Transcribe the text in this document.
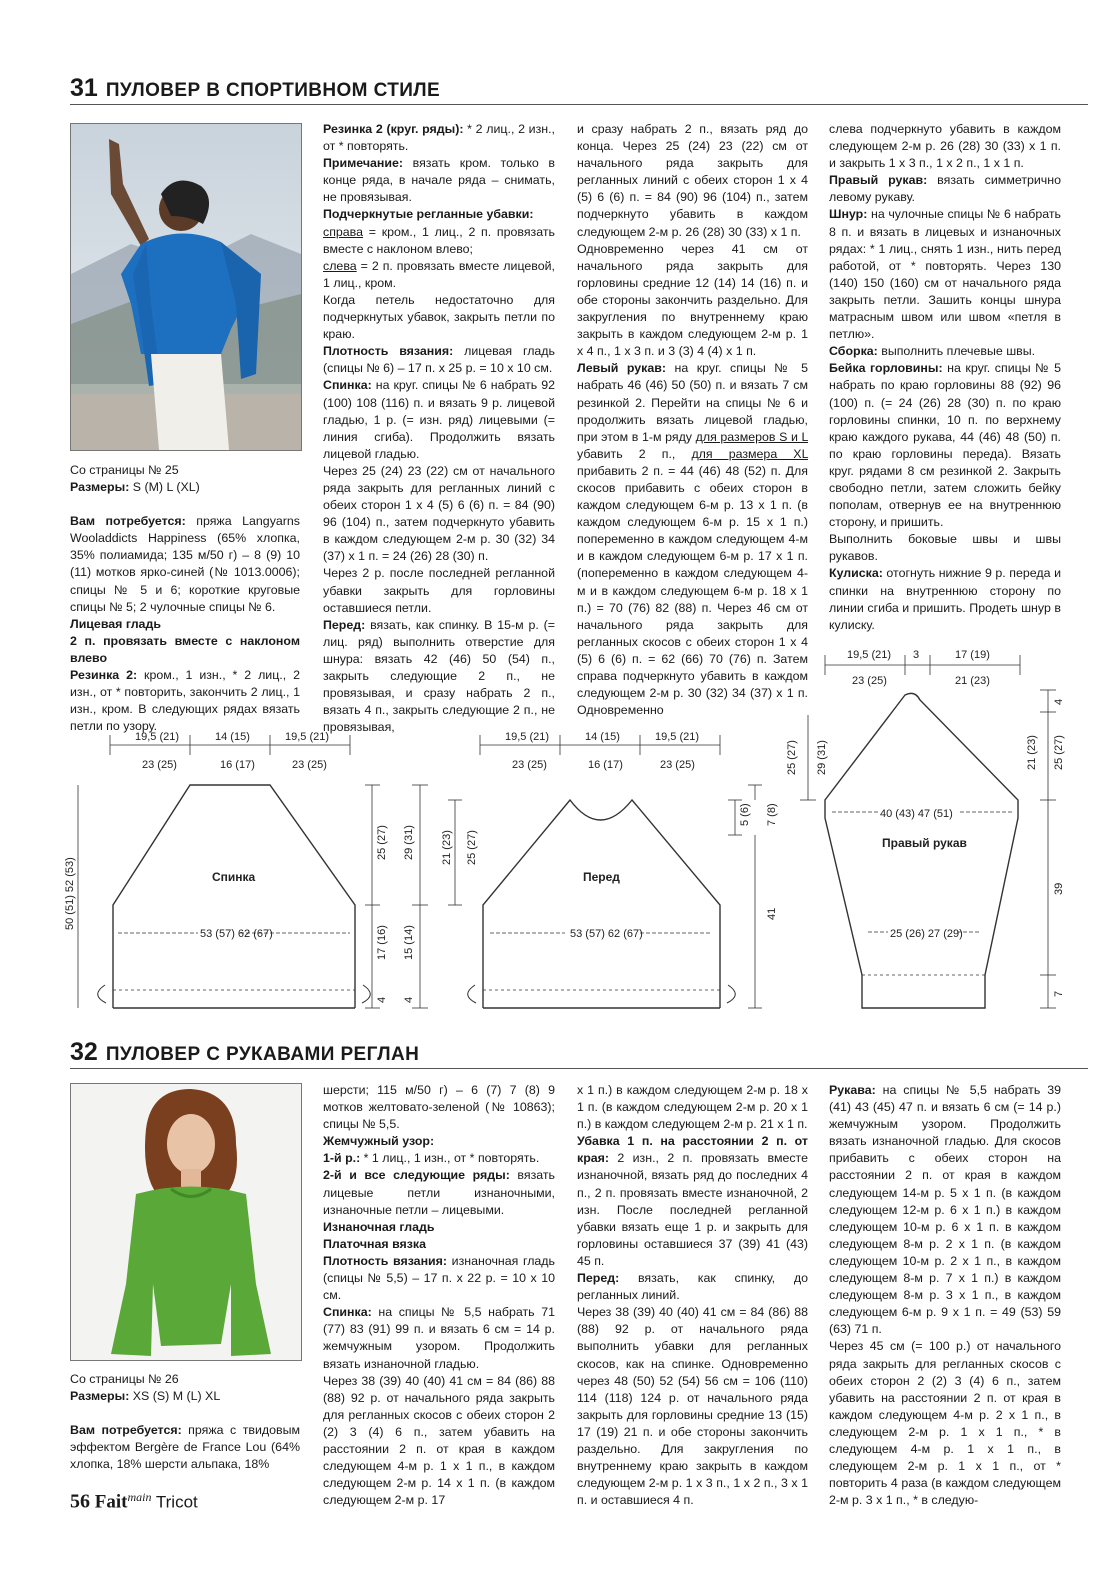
31 ПУЛОВЕР В СПОРТИВНОМ СТИЛЕ

Со страницы № 25

Размеры: S (M) L (XL)

Вам потребуется: пряжа Langyarns Wooladdicts Happiness (65% хлопка, 35% полиамида; 135 м/50 г) – 8 (9) 10 (11) мотков ярко-синей (№ 1013.0006); спицы № 5 и 6; короткие круговые спицы № 5; 2 чулочные спицы № 6.

Лицевая гладь

2 п. провязать вместе с наклоном влево

Резинка 2: кром., 1 изн., * 2 лиц., 2 изн., от * повторить, закончить 2 лиц., 1 изн., кром. В следующих рядах вязать петли по узору.

Резинка 2 (круг. ряды): * 2 лиц., 2 изн., от * повторять.

Примечание: вязать кром. только в конце ряда, в начале ряда – снимать, не провязывая.

Подчеркнутые регланные убавки:

справа = кром., 1 лиц., 2 п. провязать вместе с наклоном влево;

слева = 2 п. провязать вместе лицевой, 1 лиц., кром.

Когда петель недостаточно для подчеркнутых убавок, закрыть петли по краю.

Плотность вязания: лицевая гладь (спицы № 6) – 17 п. х 25 р. = 10 х 10 см.

Спинка: на круг. спицы № 6 набрать 92 (100) 108 (116) п. и вязать 9 р. лицевой гладью, 1 р. (= изн. ряд) лицевыми (= линия сгиба). Продолжить вязать лицевой гладью.

Через 25 (24) 23 (22) см от начального ряда закрыть для регланных линий с обеих сторон 1 х 4 (5) 6 (6) п. = 84 (90) 96 (104) п., затем подчеркнуто убавить в каждом следующем 2-м р. 30 (32) 34 (37) х 1 п. = 24 (26) 28 (30) п.

Через 2 р. после последней регланной убавки закрыть для горловины оставшиеся петли.

Перед: вязать, как спинку. В 15-м р. (= лиц. ряд) выполнить отверстие для шнура: вязать 42 (46) 50 (54) п., закрыть следующие 2 п., не провязывая, и сразу набрать 2 п., вязать 4 п., закрыть следующие 2 п., не провязывая,

и сразу набрать 2 п., вязать ряд до конца. Через 25 (24) 23 (22) см от начального ряда закрыть для регланных линий с обеих сторон 1 х 4 (5) 6 (6) п. = 84 (90) 96 (104) п., затем подчеркнуто убавить в каждом следующем 2-м р. 26 (28) 30 (33) х 1 п.

Одновременно через 41 см от начального ряда закрыть для горловины средние 12 (14) 14 (16) п. и обе стороны закончить раздельно. Для закругления по внутреннему краю закрыть в каждом следующем 2-м р. 1 х 4 п., 1 х 3 п. и 3 (3) 4 (4) х 1 п.

Левый рукав: на круг. спицы № 5 набрать 46 (46) 50 (50) п. и вязать 7 см резинкой 2. Перейти на спицы № 6 и продолжить вязать лицевой гладью, при этом в 1-м ряду для размеров S и L убавить 2 п., для размера XL прибавить 2 п. = 44 (46) 48 (52) п. Для скосов прибавить с обеих сторон в каждом следующем 6-м р. 13 х 1 п. (в каждом следующем 6-м р. 15 х 1 п.) попеременно в каждом следующем 4-м и в каждом следующем 6-м р. 17 х 1 п. (попеременно в каждом следующем 4-м и в каждом следующем 6-м р. 18 х 1 п.) = 70 (76) 82 (88) п. Через 46 см от начального ряда закрыть для регланных скосов с обеих сторон 1 х 4 (5) 6 (6) п. = 62 (66) 70 (76) п. Затем справа подчеркнуто убавить в каждом следующем 2-м р. 30 (32) 34 (37) х 1 п. Одновременно

слева подчеркнуто убавить в каждом следующем 2-м р. 26 (28) 30 (33) х 1 п. и закрыть 1 х 3 п., 1 х 2 п., 1 х 1 п.

Правый рукав: вязать симметрично левому рукаву.

Шнур: на чулочные спицы № 6 набрать 8 п. и вязать в лицевых и изнаночных рядах: * 1 лиц., снять 1 изн., нить перед работой, от * повторять. Через 130 (140) 150 (160) см от начального ряда закрыть петли. Зашить концы шнура матрасным швом или швом «петля в петлю».

Сборка: выполнить плечевые швы.

Бейка горловины: на круг. спицы № 5 набрать по краю горловины 88 (92) 96 (100) п. (= 24 (26) 28 (30) п. по краю горловины спинки, 10 п. по верхнему краю каждого рукава, 44 (46) 48 (50) п. по краю горловины переда). Вязать круг. рядами 8 см резинкой 2. Закрыть свободно петли, затем сложить бейку пополам, отвернув ее на внутреннюю сторону, и пришить.

Выполнить боковые швы и швы рукавов.

Кулиска: отогнуть нижние 9 р. переда и спинки на внутреннюю сторону по линии сгиба и пришить. Продеть шнур в кулиску.

19,5 (21)	14 (15)	19,5 (21)
23 (25)	16 (17)	23 (25)
Спинка
53 (57) 62 (67)
50 (51) 52 (53)
25 (27) 29 (31)
17 (16) 15 (14)
4 4
19,5 (21)	14 (15)	19,5 (21)
23 (25)	16 (17)	23 (25)
Перед
53 (57) 62 (67)
21 (23) 25 (27)
5 (6) 7 (8)
41
19,5 (21) 3	17 (19)
23 (25)	21 (23)
25 (27) 29 (31)
4
21 (23) 25 (27)
40 (43) 47 (51)
Правый рукав
25 (26) 27 (29)
39
7
32 ПУЛОВЕР С РУКАВАМИ РЕГЛАН

Со страницы № 26

Размеры: XS (S) M (L) XL

Вам потребуется: пряжа с твидовым эффектом Bergère de France Lou (64% хлопка, 18% шерсти альпака, 18%

шерсти; 115 м/50 г) – 6 (7) 7 (8) 9 мотков желтовато-зеленой (№ 10863); спицы № 5,5.

Жемчужный узор:

1-й р.: * 1 лиц., 1 изн., от * повторять.

2-й и все следующие ряды: вязать лицевые петли изнаночными, изнаночные петли – лицевыми.

Изнаночная гладь

Платочная вязка

Плотность вязания: изнаночная гладь (спицы № 5,5) – 17 п. х 22 р. = 10 х 10 см.

Спинка: на спицы № 5,5 набрать 71 (77) 83 (91) 99 п. и вязать 6 см = 14 р. жемчужным узором. Продолжить вязать изнаночной гладью.

Через 38 (39) 40 (40) 41 см = 84 (86) 88 (88) 92 р. от начального ряда закрыть для регланных скосов с обеих сторон 2 (2) 3 (4) 6 п., затем убавить на расстоянии 2 п. от края в каждом следующем 4-м р. 1 х 1 п., в каждом следующем 2-м р. 14 х 1 п. (в каждом следующем 2-м р. 17

х 1 п.) в каждом следующем 2-м р. 18 х 1 п. (в каждом следующем 2-м р. 20 х 1 п.) в каждом следующем 2-м р. 21 х 1 п.

Убавка 1 п. на расстоянии 2 п. от края: 2 изн., 2 п. провязать вместе изнаночной, вязать ряд до последних 4 п., 2 п. провязать вместе изнаночной, 2 изн. После последней регланной убавки вязать еще 1 р. и закрыть для горловины оставшиеся 37 (39) 41 (43) 45 п.

Перед: вязать, как спинку, до регланных линий.

Через 38 (39) 40 (40) 41 см = 84 (86) 88 (88) 92 р. от начального ряда выполнить убавки для регланных скосов, как на спинке. Одновременно через 48 (50) 52 (54) 56 см = 106 (110) 114 (118) 124 р. от начального ряда закрыть для горловины средние 13 (15) 17 (19) 21 п. и обе стороны закончить раздельно. Для закругления по внутреннему краю закрыть в каждом следующем 2-м р. 1 х 3 п., 1 х 2 п., 3 х 1 п. и оставшиеся 4 п.

Рукава: на спицы № 5,5 набрать 39 (41) 43 (45) 47 п. и вязать 6 см (= 14 р.) жемчужным узором. Продолжить вязать изнаночной гладью. Для скосов прибавить с обеих сторон на расстоянии 2 п. от края в каждом следующем 14-м р. 5 х 1 п. (в каждом следующем 12-м р. 6 х 1 п.) в каждом следующем 10-м р. 6 х 1 п. в каждом следующем 8-м р. 2 х 1 п. (в каждом следующем 10-м р. 2 х 1 п., в каждом следующем 8-м р. 7 х 1 п.) в каждом следующем 8-м р. 3 х 1 п., в каждом следующем 6-м р. 9 х 1 п. = 49 (53) 59 (63) 71 п.

Через 45 см (= 100 р.) от начального ряда закрыть для регланных скосов с обеих сторон 2 (2) 3 (4) 6 п., затем убавить на расстоянии 2 п. от края в каждом следующем 4-м р. 2 х 1 п., в следующем 2-м р. 1 х 1 п., * в следующем 4-м р. 1 х 1 п., в следующем 2-м р. 1 х 1 п., от * повторить 4 раза (в каждом следующем 2-м р. 3 х 1 п., * в следую-

56 Fait$^{main}$ Tricot
